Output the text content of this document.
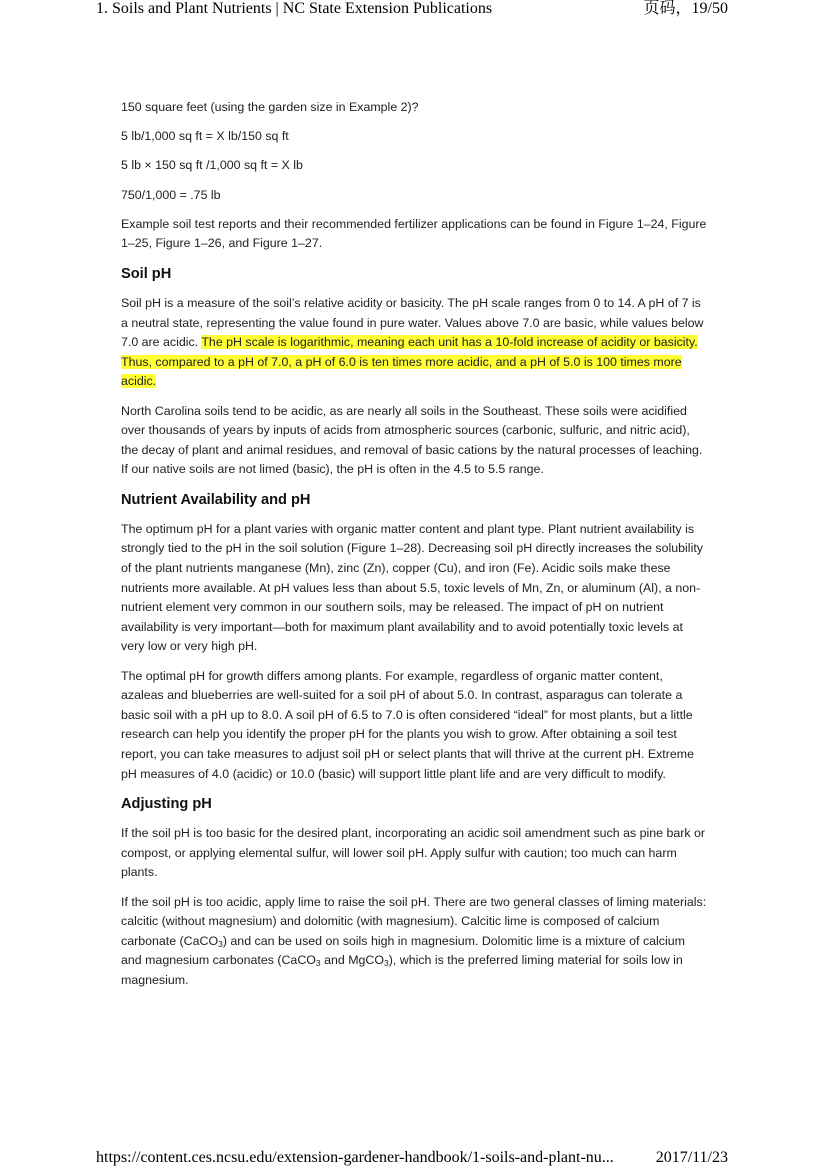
1. Soils and Plant Nutrients | NC State Extension Publications	页码，19/50

150 square feet (using the garden size in Example 2)?

5 lb/1,000 sq ft = X lb/150 sq ft

5 lb × 150 sq ft /1,000 sq ft = X lb

750/1,000 = .75 lb

Example soil test reports and their recommended fertilizer applications can be found in Figure 1–24, Figure 1–25, Figure 1–26, and Figure 1–27.

Soil pH

Soil pH is a measure of the soil’s relative acidity or basicity. The pH scale ranges from 0 to 14. A pH of 7 is a neutral state, representing the value found in pure water. Values above 7.0 are basic, while values below 7.0 are acidic. The pH scale is logarithmic, meaning each unit has a 10-fold increase of acidity or basicity. Thus, compared to a pH of 7.0, a pH of 6.0 is ten times more acidic, and a pH of 5.0 is 100 times more acidic.

North Carolina soils tend to be acidic, as are nearly all soils in the Southeast. These soils were acidified over thousands of years by inputs of acids from atmospheric sources (carbonic, sulfuric, and nitric acid), the decay of plant and animal residues, and removal of basic cations by the natural processes of leaching. If our native soils are not limed (basic), the pH is often in the 4.5 to 5.5 range.

Nutrient Availability and pH

The optimum pH for a plant varies with organic matter content and plant type. Plant nutrient availability is strongly tied to the pH in the soil solution (Figure 1–28). Decreasing soil pH directly increases the solubility of the plant nutrients manganese (Mn), zinc (Zn), copper (Cu), and iron (Fe). Acidic soils make these nutrients more available. At pH values less than about 5.5, toxic levels of Mn, Zn, or aluminum (Al), a non-nutrient element very common in our southern soils, may be released. The impact of pH on nutrient availability is very important—both for maximum plant availability and to avoid potentially toxic levels at very low or very high pH.

The optimal pH for growth differs among plants. For example, regardless of organic matter content, azaleas and blueberries are well-suited for a soil pH of about 5.0. In contrast, asparagus can tolerate a basic soil with a pH up to 8.0. A soil pH of 6.5 to 7.0 is often considered “ideal” for most plants, but a little research can help you identify the proper pH for the plants you wish to grow. After obtaining a soil test report, you can take measures to adjust soil pH or select plants that will thrive at the current pH. Extreme pH measures of 4.0 (acidic) or 10.0 (basic) will support little plant life and are very difficult to modify.

Adjusting pH

If the soil pH is too basic for the desired plant, incorporating an acidic soil amendment such as pine bark or compost, or applying elemental sulfur, will lower soil pH. Apply sulfur with caution; too much can harm plants.

If the soil pH is too acidic, apply lime to raise the soil pH. There are two general classes of liming materials: calcitic (without magnesium) and dolomitic (with magnesium). Calcitic lime is composed of calcium carbonate (CaCO$_3$) and can be used on soils high in magnesium. Dolomitic lime is a mixture of calcium and magnesium carbonates (CaCO$_3$ and MgCO$_3$), which is the preferred liming material for soils low in magnesium.

https://content.ces.ncsu.edu/extension-gardener-handbook/1-soils-and-plant-nu...	2017/11/23
